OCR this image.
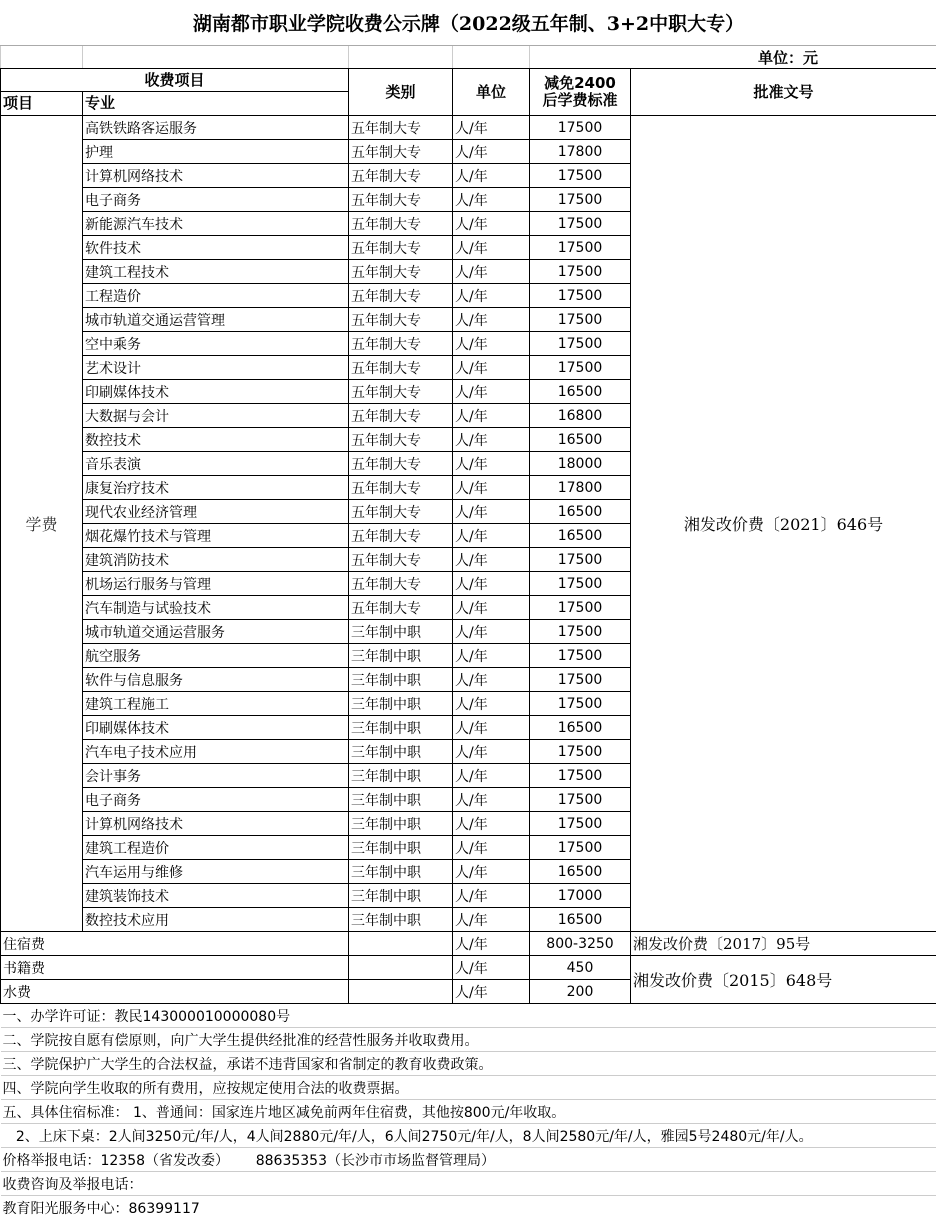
湖南都市职业学院收费公示牌（2022级五年制、3+2中职大专）					
				单位：元	
收费项目		类别	单位	减免2400
后学费标准	批准文号
项目	专业				
学费	高铁铁路客运服务	五年制大专	人/年	17500	湘发改价费〔2021〕646号
	护理	五年制大专	人/年	17800	
	计算机网络技术	五年制大专	人/年	17500	
	电子商务	五年制大专	人/年	17500	
	新能源汽车技术	五年制大专	人/年	17500	
	软件技术	五年制大专	人/年	17500	
	建筑工程技术	五年制大专	人/年	17500	
	工程造价	五年制大专	人/年	17500	
	城市轨道交通运营管理	五年制大专	人/年	17500	
	空中乘务	五年制大专	人/年	17500	
	艺术设计	五年制大专	人/年	17500	
	印刷媒体技术	五年制大专	人/年	16500	
	大数据与会计	五年制大专	人/年	16800	
	数控技术	五年制大专	人/年	16500	
	音乐表演	五年制大专	人/年	18000	
	康复治疗技术	五年制大专	人/年	17800	
	现代农业经济管理	五年制大专	人/年	16500	
	烟花爆竹技术与管理	五年制大专	人/年	16500	
	建筑消防技术	五年制大专	人/年	17500	
	机场运行服务与管理	五年制大专	人/年	17500	
	汽车制造与试验技术	五年制大专	人/年	17500	
	城市轨道交通运营服务	三年制中职	人/年	17500	
	航空服务	三年制中职	人/年	17500	
	软件与信息服务	三年制中职	人/年	17500	
	建筑工程施工	三年制中职	人/年	17500	
	印刷媒体技术	三年制中职	人/年	16500	
	汽车电子技术应用	三年制中职	人/年	17500	
	会计事务	三年制中职	人/年	17500	
	电子商务	三年制中职	人/年	17500	
	计算机网络技术	三年制中职	人/年	17500	
	建筑工程造价	三年制中职	人/年	17500	
	汽车运用与维修	三年制中职	人/年	16500	
	建筑装饰技术	三年制中职	人/年	17000	
	数控技术应用	三年制中职	人/年	16500	
住宿费			人/年	800-3250	湘发改价费〔2017〕95号
书籍费			人/年	450	湘发改价费〔2015〕648号
水费			人/年	200	
一、办学许可证：教民143000010000080号					
二、学院按自愿有偿原则，向广大学生提供经批准的经营性服务并收取费用。					
三、学院保护广大学生的合法权益，承诺不违背国家和省制定的教育收费政策。					
四、学院向学生收取的所有费用，应按规定使用合法的收费票据。					
五、具体住宿标准： 1、普通间：国家连片地区减免前两年住宿费，其他按800元/年收取。					
2、上床下桌：2人间3250元/年/人，4人间2880元/年/人，6人间2750元/年/人，8人间2580元/年/人，雅园5号2480元/年/人。					
价格举报电话：12358（省发改委）      88635353（长沙市市场监督管理局）					
收费咨询及举报电话：					
教育阳光服务中心：86399117					
